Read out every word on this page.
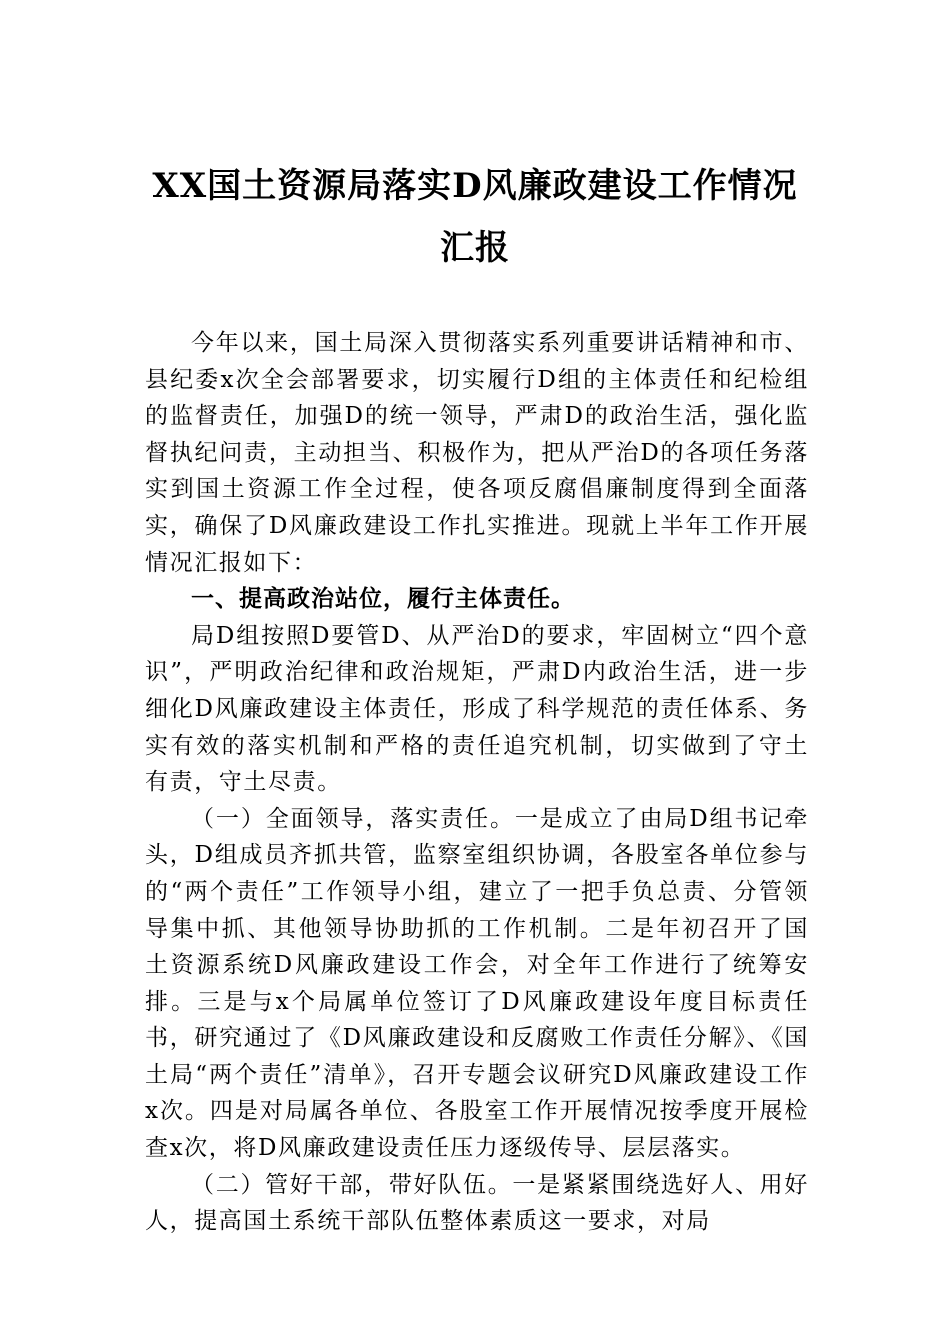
XX国土资源局落实D风廉政建设工作情况汇报

今年以来，国土局深入贯彻落实系列重要讲话精神和市、县纪委x次全会部署要求，切实履行D组的主体责任和纪检组的监督责任，加强D的统一领导，严肃D的政治生活，强化监督执纪问责，主动担当、积极作为，把从严治D的各项任务落实到国土资源工作全过程，使各项反腐倡廉制度得到全面落实，确保了D风廉政建设工作扎实推进。现就上半年工作开展情况汇报如下：

一、提高政治站位，履行主体责任。

局D组按照D要管D、从严治D的要求，牢固树立“四个意识”，严明政治纪律和政治规矩，严肃D内政治生活，进一步细化D风廉政建设主体责任，形成了科学规范的责任体系、务实有效的落实机制和严格的责任追究机制，切实做到了守土有责，守土尽责。

（一）全面领导，落实责任。一是成立了由局D组书记牵头，D组成员齐抓共管，监察室组织协调，各股室各单位参与的“两个责任”工作领导小组，建立了一把手负总责、分管领导集中抓、其他领导协助抓的工作机制。二是年初召开了国土资源系统D风廉政建设工作会，对全年工作进行了统筹安排。三是与x个局属单位签订了D风廉政建设年度目标责任书，研究通过了《D风廉政建设和反腐败工作责任分解》、《国土局“两个责任”清单》，召开专题会议研究D风廉政建设工作x次。四是对局属各单位、各股室工作开展情况按季度开展检查x次，将D风廉政建设责任压力逐级传导、层层落实。

（二）管好干部，带好队伍。一是紧紧围绕选好人、用好人，提高国土系统干部队伍整体素质这一要求，对局
